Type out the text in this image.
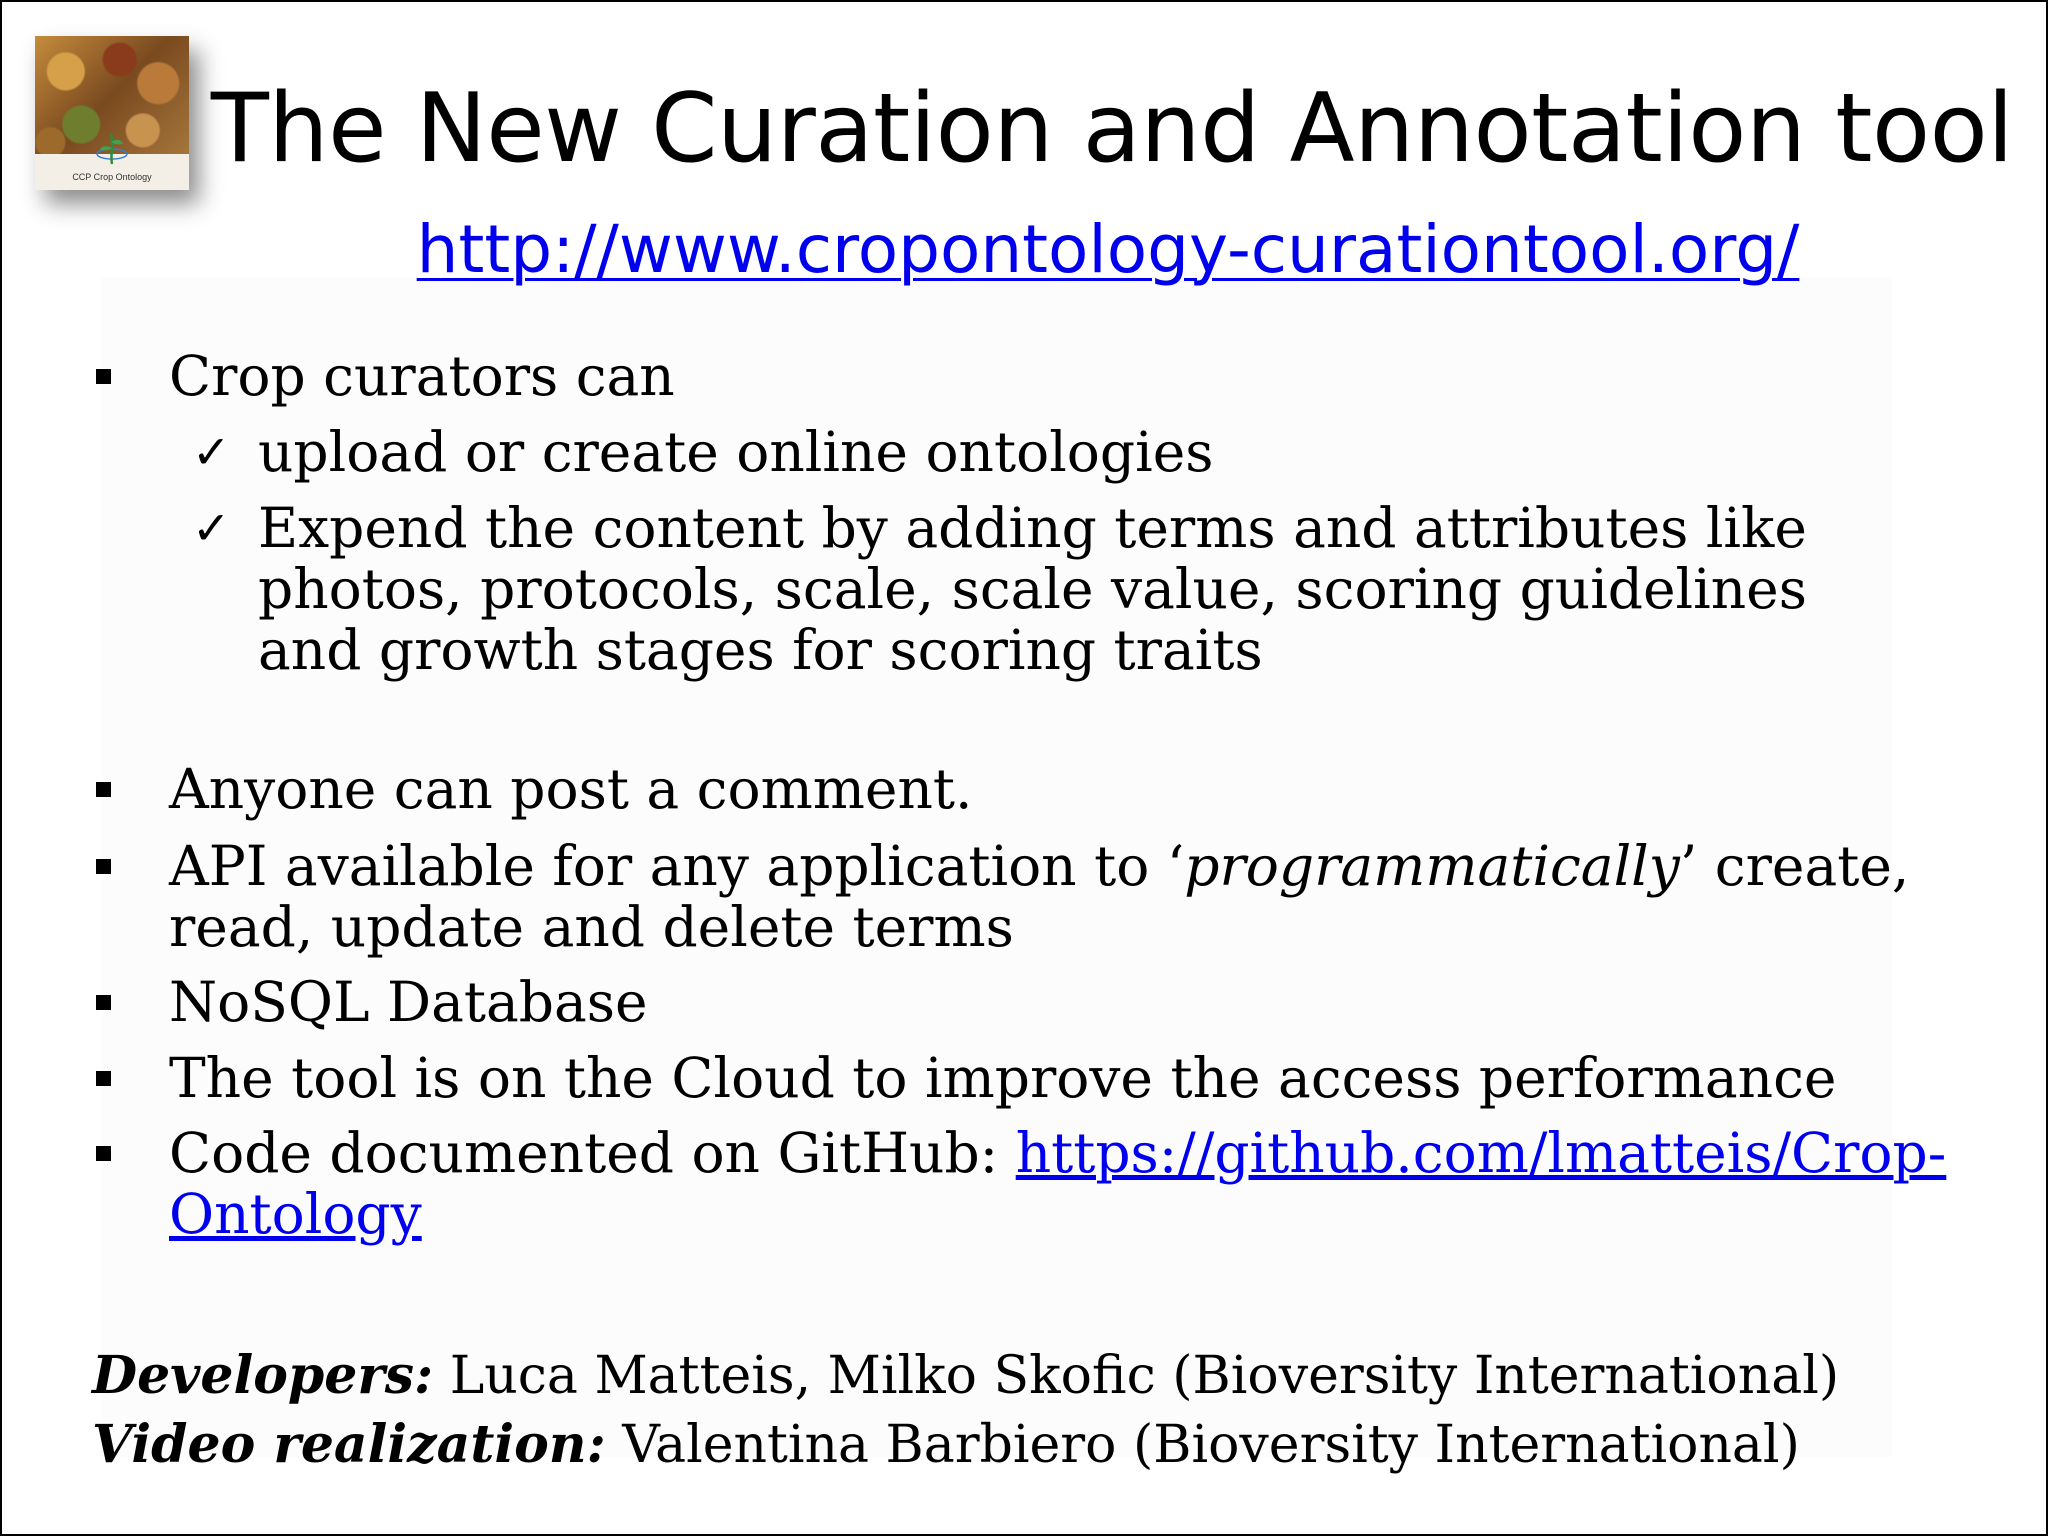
CCP Crop Ontology The New Curation and Annotation tool
http://www.cropontology-curationtool.org/
Crop curators can
✓ upload or create online ontologies
✓ Expend the content by adding terms and attributes like photos, protocols, scale, scale value, scoring guidelines and growth stages for scoring traits
Anyone can post a comment.
API available for any application to ‘programmatically’ create, read, update and delete terms
NoSQL Database
The tool is on the Cloud to improve the access performance
Code documented on GitHub: https://github.com/lmatteis/Crop-Ontology
Developers: Luca Matteis, Milko Skofic (Bioversity International)
Video realization: Valentina Barbiero (Bioversity International)
